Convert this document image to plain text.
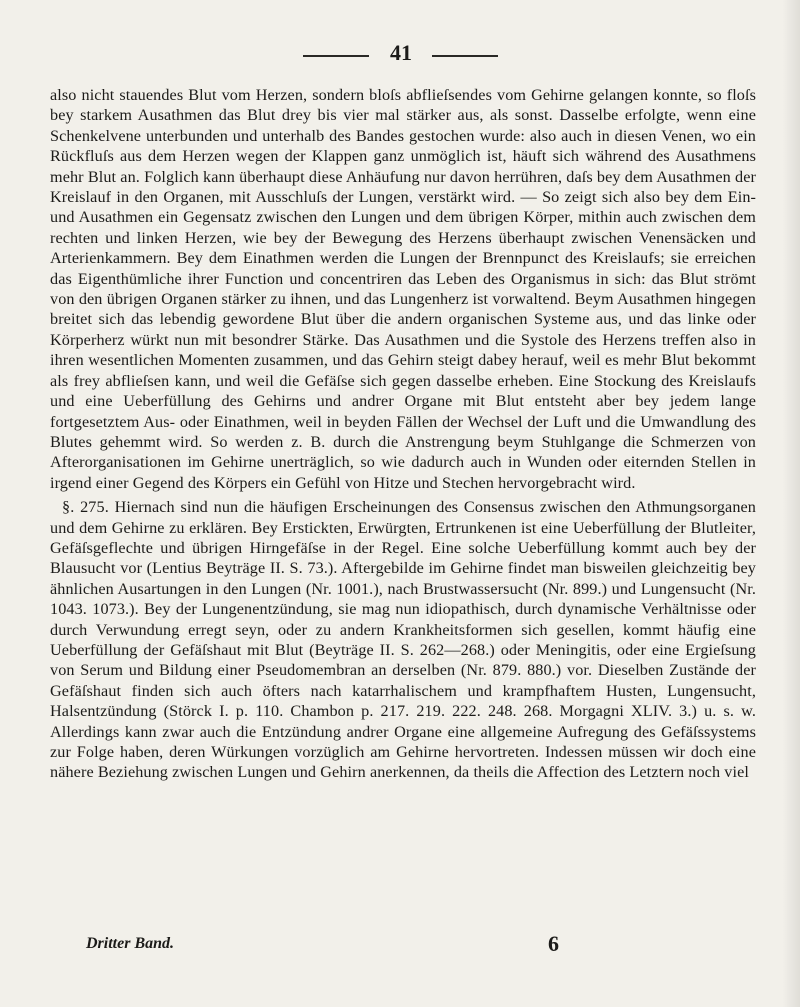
41

also nicht stauendes Blut vom Herzen, sondern bloſs abflieſsendes vom Gehirne gelangen konnte, so floſs bey starkem Ausathmen das Blut drey bis vier mal stärker aus, als sonst. Dasselbe erfolgte, wenn eine Schenkelvene unterbunden und unterhalb des Bandes gestochen wurde: also auch in diesen Venen, wo ein Rückfluſs aus dem Herzen wegen der Klappen ganz unmöglich ist, häuft sich während des Ausathmens mehr Blut an. Folglich kann überhaupt diese Anhäufung nur davon herrühren, daſs bey dem Ausathmen der Kreislauf in den Organen, mit Ausschluſs der Lungen, verstärkt wird. — So zeigt sich also bey dem Ein- und Ausathmen ein Gegensatz zwischen den Lungen und dem übrigen Körper, mithin auch zwischen dem rechten und linken Herzen, wie bey der Bewegung des Herzens überhaupt zwischen Venensäcken und Arterienkammern. Bey dem Einathmen werden die Lungen der Brennpunct des Kreislaufs; sie erreichen das Eigenthümliche ihrer Function und concentriren das Leben des Organismus in sich: das Blut strömt von den übrigen Organen stärker zu ihnen, und das Lungenherz ist vorwaltend. Beym Ausathmen hingegen breitet sich das lebendig gewordene Blut über die andern organischen Systeme aus, und das linke oder Körperherz würkt nun mit besondrer Stärke. Das Ausathmen und die Systole des Herzens treffen also in ihren wesentlichen Momenten zusammen, und das Gehirn steigt dabey herauf, weil es mehr Blut bekommt als frey abflieſsen kann, und weil die Gefäſse sich gegen dasselbe erheben. Eine Stockung des Kreislaufs und eine Ueberfüllung des Gehirns und andrer Organe mit Blut entsteht aber bey jedem lange fortgesetztem Aus- oder Einathmen, weil in beyden Fällen der Wechsel der Luft und die Umwandlung des Blutes gehemmt wird. So werden z. B. durch die Anstrengung beym Stuhlgange die Schmerzen von Afterorganisationen im Gehirne unerträglich, so wie dadurch auch in Wunden oder eiternden Stellen in irgend einer Gegend des Körpers ein Gefühl von Hitze und Stechen hervorgebracht wird.

§. 275. Hiernach sind nun die häufigen Erscheinungen des Consensus zwischen den Athmungsorganen und dem Gehirne zu erklären. Bey Erstickten, Erwürgten, Ertrunkenen ist eine Ueberfüllung der Blutleiter, Gefäſsgeflechte und übrigen Hirngefäſse in der Regel. Eine solche Ueberfüllung kommt auch bey der Blausucht vor (Lentius Beyträge II. S. 73.). Aftergebilde im Gehirne findet man bisweilen gleichzeitig bey ähnlichen Ausartungen in den Lungen (Nr. 1001.), nach Brustwassersucht (Nr. 899.) und Lungensucht (Nr. 1043. 1073.). Bey der Lungenentzündung, sie mag nun idiopathisch, durch dynamische Verhältnisse oder durch Verwundung erregt seyn, oder zu andern Krankheitsformen sich gesellen, kommt häufig eine Ueberfüllung der Gefäſshaut mit Blut (Beyträge II. S. 262—268.) oder Meningitis, oder eine Ergieſsung von Serum und Bildung einer Pseudomembran an derselben (Nr. 879. 880.) vor. Dieselben Zustände der Gefäſshaut finden sich auch öfters nach katarrhalischem und krampfhaftem Husten, Lungensucht, Halsentzündung (Störck I. p. 110. Chambon p. 217. 219. 222. 248. 268. Morgagni XLIV. 3.) u. s. w. Allerdings kann zwar auch die Entzündung andrer Organe eine allgemeine Aufregung des Gefäſssystems zur Folge haben, deren Würkungen vorzüglich am Gehirne hervortreten. Indessen müssen wir doch eine nähere Beziehung zwischen Lungen und Gehirn anerkennen, da theils die Affection des Letztern noch viel

Dritter Band.	6
